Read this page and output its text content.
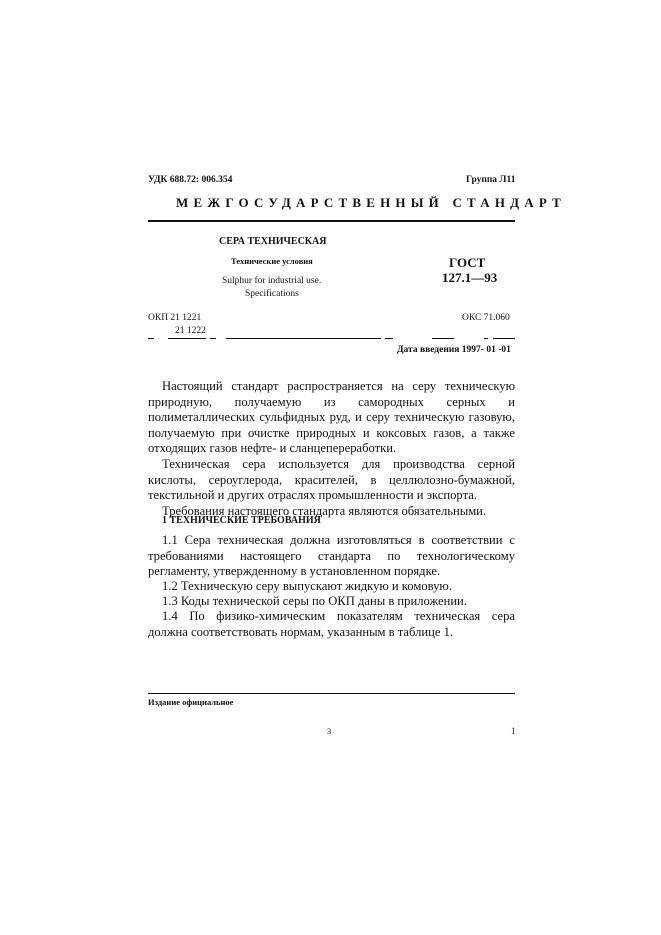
УДК 688.72: 006.354	Группа Л11
МЕЖГОСУДАРСТВЕННЫЙ СТАНДАРТ
СЕРА ТЕХНИЧЕСКАЯ
Технические условия
Sulphur for industrial use.
Specifications
ГОСТ
127.1—93
ОКП 21 1221
21 1222
ОКС 71.060
Дата введения 1997- 01 -01
Настоящий стандарт распространяется на серу техническую природную, получаемую из самородных серных и полиметаллических сульфидных руд, и серу техническую газовую, получаемую при очистке природных и коксовых газов, а также отходящих газов нефте- и сланцепереработки.
Техническая сера используется для производства серной кислоты, сероуглерода, красителей, в целлюлозно-бумажной, текстильной и других отраслях промышленности и экспорта.
Требования настоящего стандарта являются обязательными.
1 ТЕХНИЧЕСКИЕ ТРЕБОВАНИЯ
1.1 Сера техническая должна изготовляться в соответствии с требованиями настоящего стандарта по технологическому регламенту, утвержденному в установленном порядке.
1.2 Техническую серу выпускают жидкую и комовую.
1.3 Коды технической серы по ОКП даны в приложении.
1.4 По физико-химическим показателям техническая сера должна соответствовать нормам, указанным в таблице 1.
Издание официальное
3	1
